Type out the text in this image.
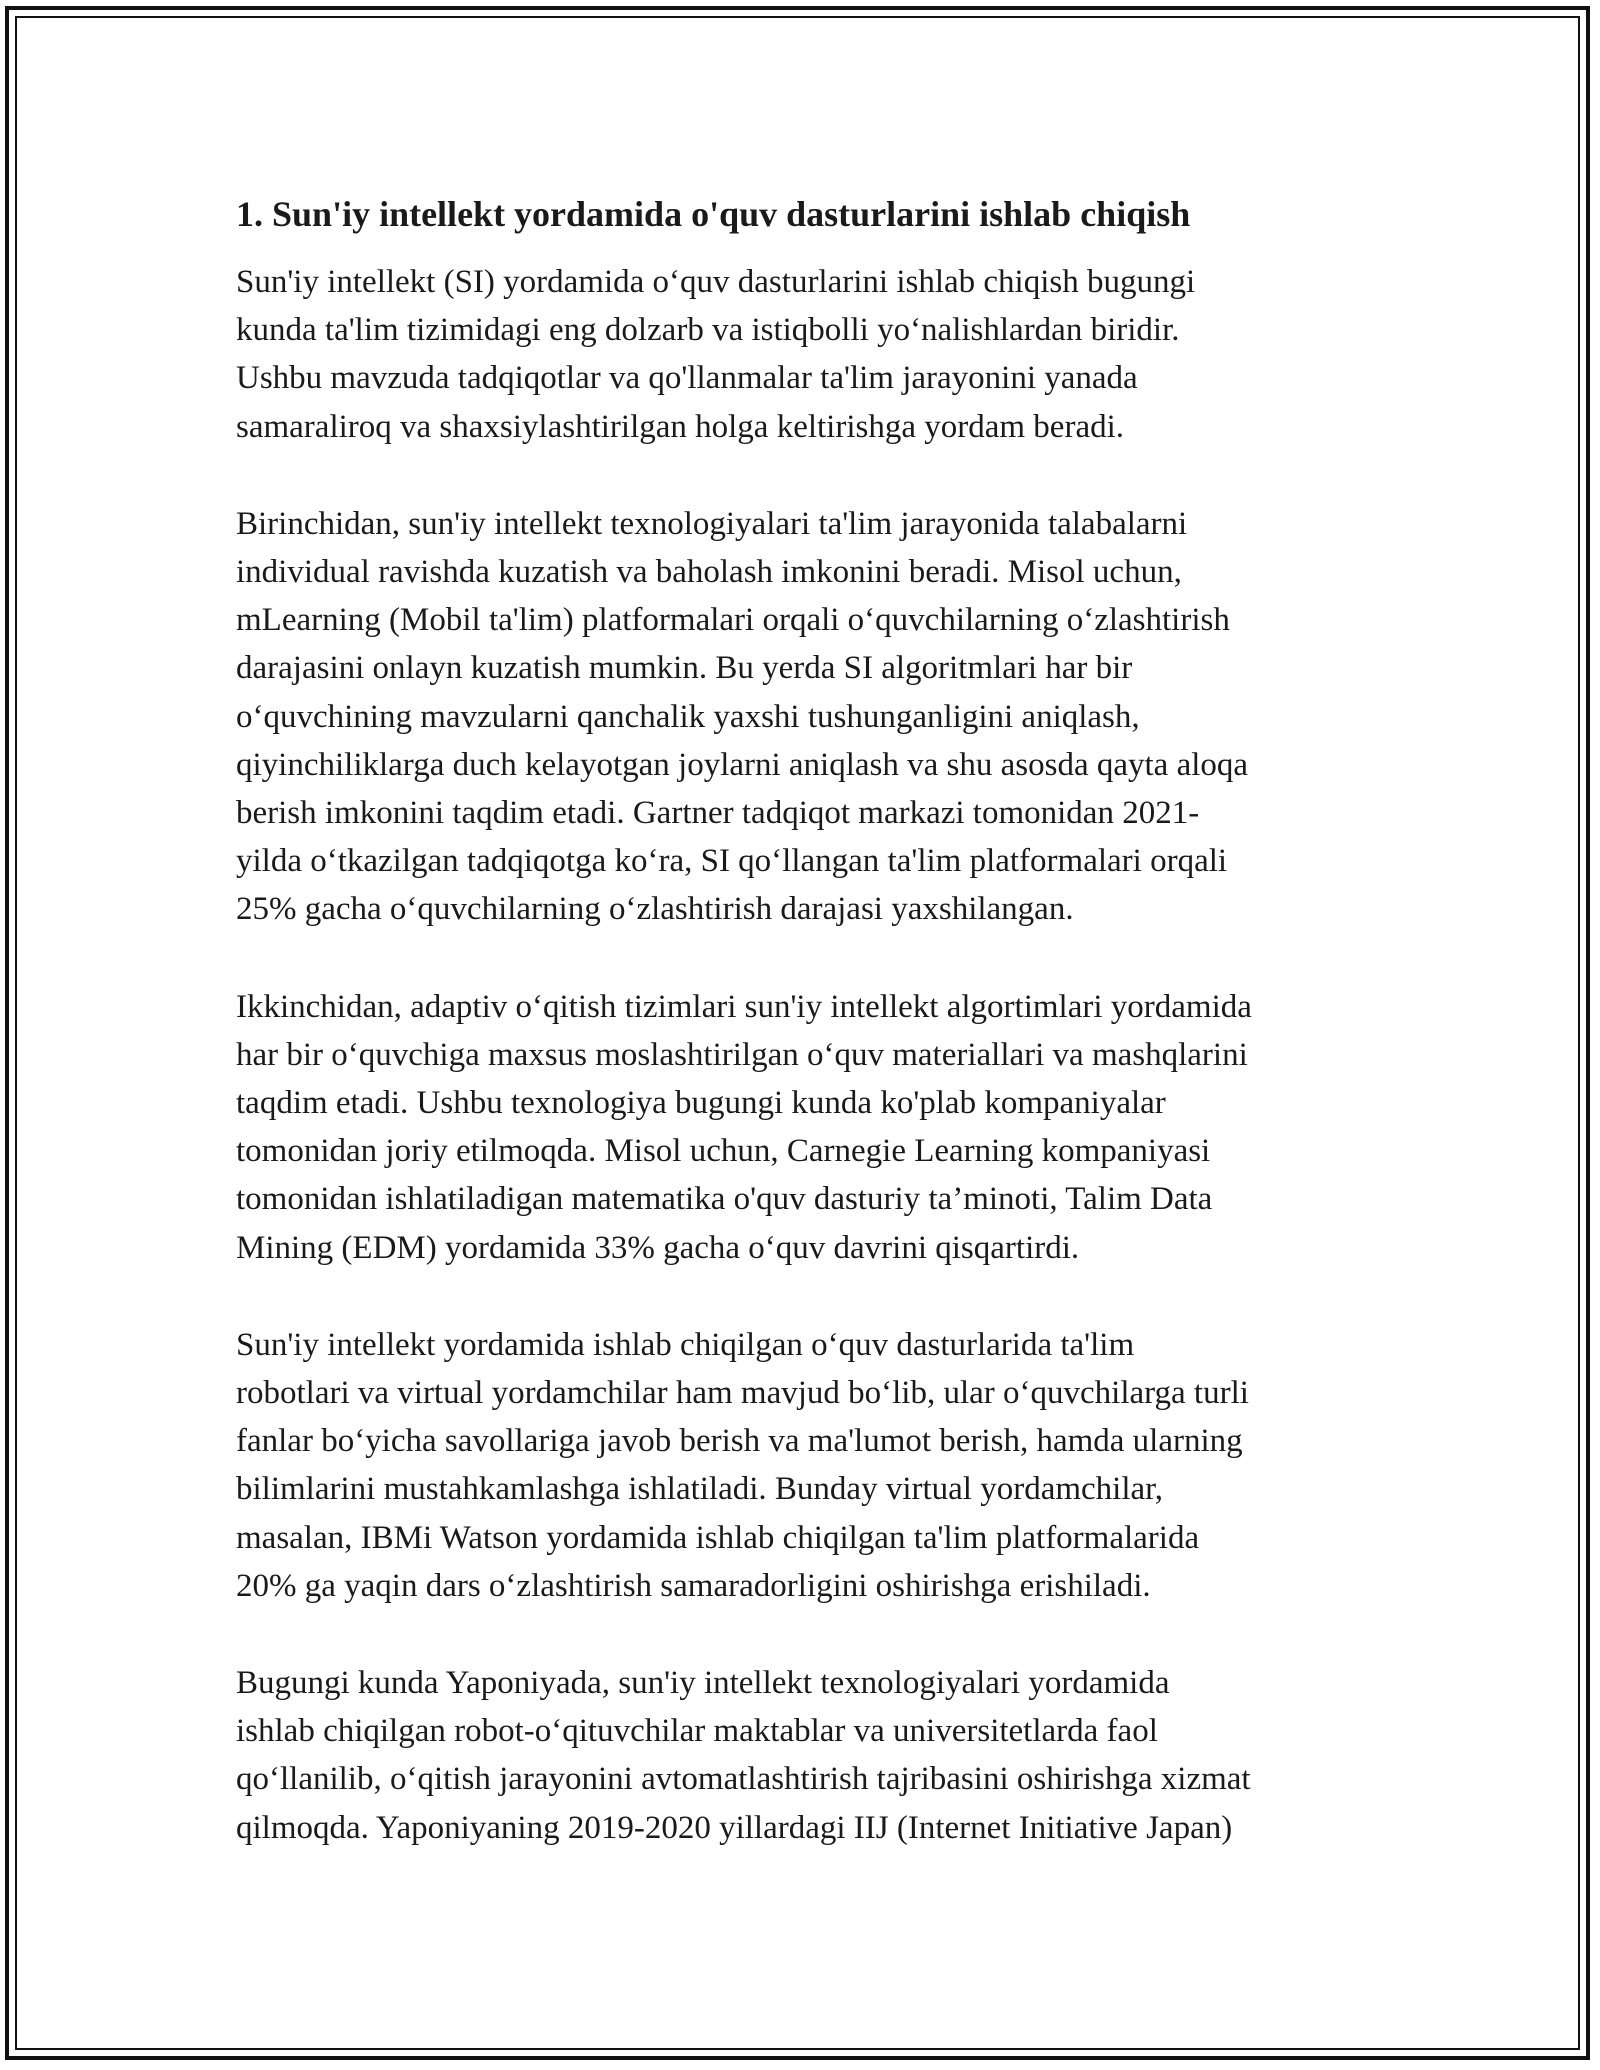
1. Sun'iy intellekt yordamida o'quv dasturlarini ishlab chiqish

Sun'iy intellekt (SI) yordamida o‘quv dasturlarini ishlab chiqish bugungi
kunda ta'lim tizimidagi eng dolzarb va istiqbolli yo‘nalishlardan biridir.
Ushbu mavzuda tadqiqotlar va qo'llanmalar ta'lim jarayonini yanada
samaraliroq va shaxsiylashtirilgan holga keltirishga yordam beradi.

Birinchidan, sun'iy intellekt texnologiyalari ta'lim jarayonida talabalarni
individual ravishda kuzatish va baholash imkonini beradi. Misol uchun,
mLearning (Mobil ta'lim) platformalari orqali o‘quvchilarning o‘zlashtirish
darajasini onlayn kuzatish mumkin. Bu yerda SI algoritmlari har bir
o‘quvchining mavzularni qanchalik yaxshi tushunganligini aniqlash,
qiyinchiliklarga duch kelayotgan joylarni aniqlash va shu asosda qayta aloqa
berish imkonini taqdim etadi. Gartner tadqiqot markazi tomonidan 2021-
yilda o‘tkazilgan tadqiqotga ko‘ra, SI qo‘llangan ta'lim platformalari orqali
25% gacha o‘quvchilarning o‘zlashtirish darajasi yaxshilangan.

Ikkinchidan, adaptiv o‘qitish tizimlari sun'iy intellekt algortimlari yordamida
har bir o‘quvchiga maxsus moslashtirilgan o‘quv materiallari va mashqlarini
taqdim etadi. Ushbu texnologiya bugungi kunda ko'plab kompaniyalar
tomonidan joriy etilmoqda. Misol uchun, Carnegie Learning kompaniyasi
tomonidan ishlatiladigan matematika o'quv dasturiy ta’minoti, Talim Data
Mining (EDM) yordamida 33% gacha o‘quv davrini qisqartirdi.

Sun'iy intellekt yordamida ishlab chiqilgan o‘quv dasturlarida ta'lim
robotlari va virtual yordamchilar ham mavjud bo‘lib, ular o‘quvchilarga turli
fanlar bo‘yicha savollariga javob berish va ma'lumot berish, hamda ularning
bilimlarini mustahkamlashga ishlatiladi. Bunday virtual yordamchilar,
masalan, IBMi Watson yordamida ishlab chiqilgan ta'lim platformalarida
20% ga yaqin dars o‘zlashtirish samaradorligini oshirishga erishiladi.

Bugungi kunda Yaponiyada, sun'iy intellekt texnologiyalari yordamida
ishlab chiqilgan robot-o‘qituvchilar maktablar va universitetlarda faol
qo‘llanilib, o‘qitish jarayonini avtomatlashtirish tajribasini oshirishga xizmat
qilmoqda. Yaponiyaning 2019-2020 yillardagi IIJ (Internet Initiative Japan)
